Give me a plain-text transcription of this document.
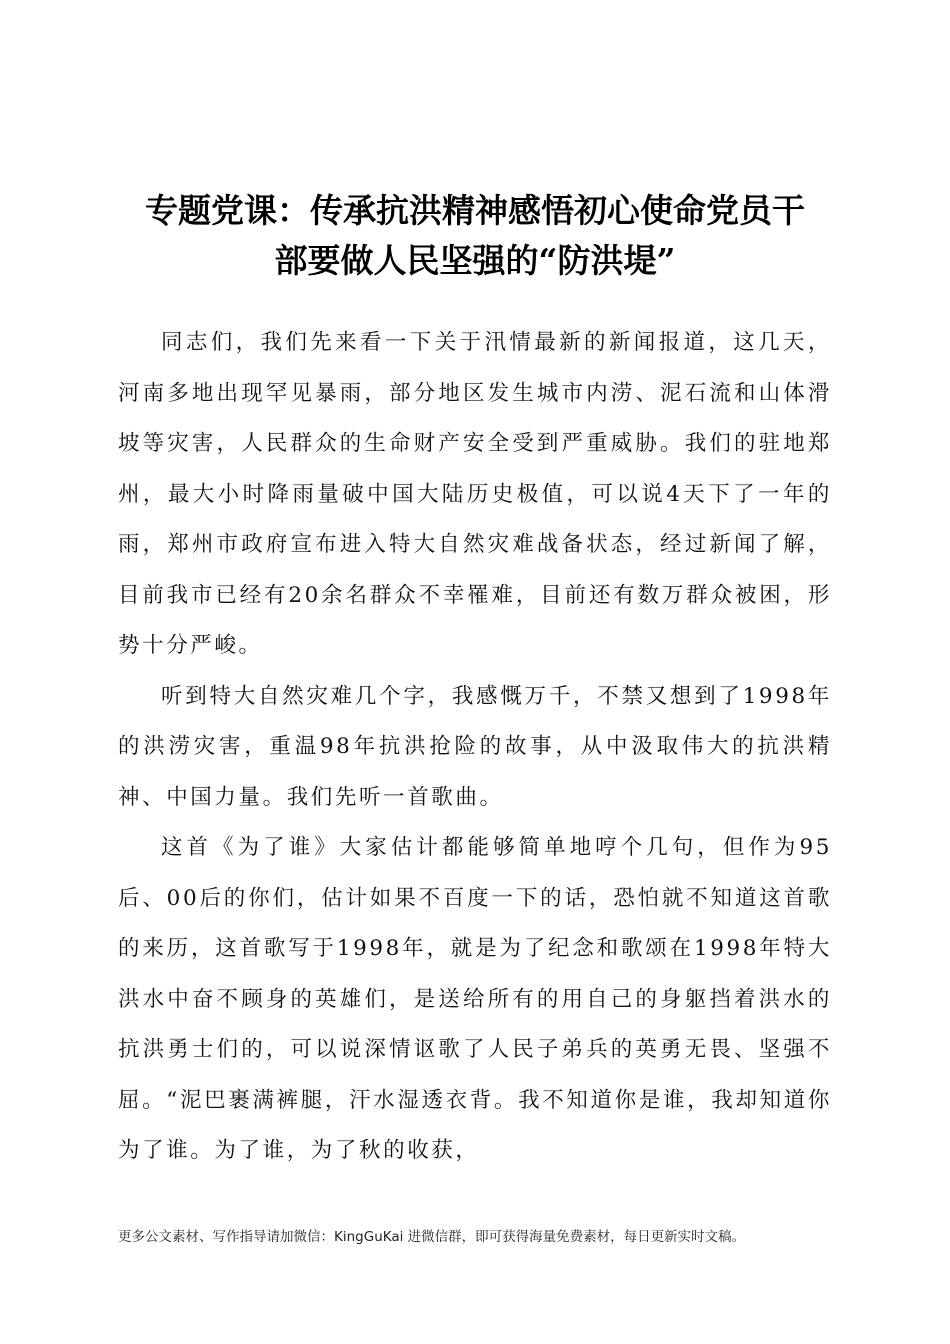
专题党课：传承抗洪精神感悟初心使命党员干
部要做人民坚强的“防洪堤”

同志们，我们先来看一下关于汛情最新的新闻报道，这几天，河南多地出现罕见暴雨，部分地区发生城市内涝、泥石流和山体滑坡等灾害，人民群众的生命财产安全受到严重威胁。我们的驻地郑州，最大小时降雨量破中国大陆历史极值，可以说4天下了一年的雨，郑州市政府宣布进入特大自然灾难战备状态，经过新闻了解，目前我市已经有20余名群众不幸罹难，目前还有数万群众被困，形势十分严峻。

听到特大自然灾难几个字，我感慨万千，不禁又想到了1998年的洪涝灾害，重温98年抗洪抢险的故事，从中汲取伟大的抗洪精神、中国力量。我们先听一首歌曲。

这首《为了谁》大家估计都能够简单地哼个几句，但作为95后、00后的你们，估计如果不百度一下的话，恐怕就不知道这首歌的来历，这首歌写于1998年，就是为了纪念和歌颂在1998年特大洪水中奋不顾身的英雄们，是送给所有的用自己的身躯挡着洪水的抗洪勇士们的，可以说深情讴歌了人民子弟兵的英勇无畏、坚强不屈。“泥巴裹满裤腿，汗水湿透衣背。我不知道你是谁，我却知道你为了谁。为了谁，为了秋的收获，

更多公文素材、写作指导请加微信：KingGuKai 进微信群，即可获得海量免费素材，每日更新实时文稿。
